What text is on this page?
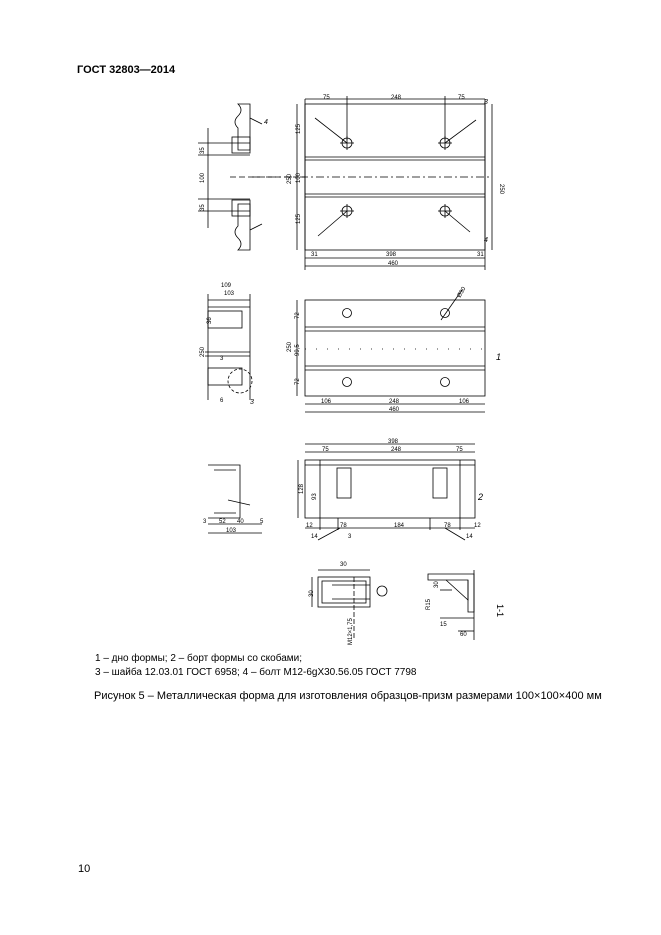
ГОСТ 32803—2014
75	248	75
125
100
125
250
250
398
460
31	31
35
100
35
109
103
36
250
3
6
72
250 99,5
72
Ø30
106	248	106
460
398
248
75	75
128
93
12
14
78	184	78	12
14
3
52 40	5
103
3
30
30
М12×1,75	15
60
R15
30
1-1
1
2
3
4
3
4
1 – дно формы; 2 – борт формы со скобами;
3 – шайба 12.03.01 ГОСТ 6958; 4 – болт М12-6gХ30.56.05 ГОСТ 7798
Рисунок 5 – Металлическая форма для изготовления образцов-призм размерами 100×100×400 мм
10
